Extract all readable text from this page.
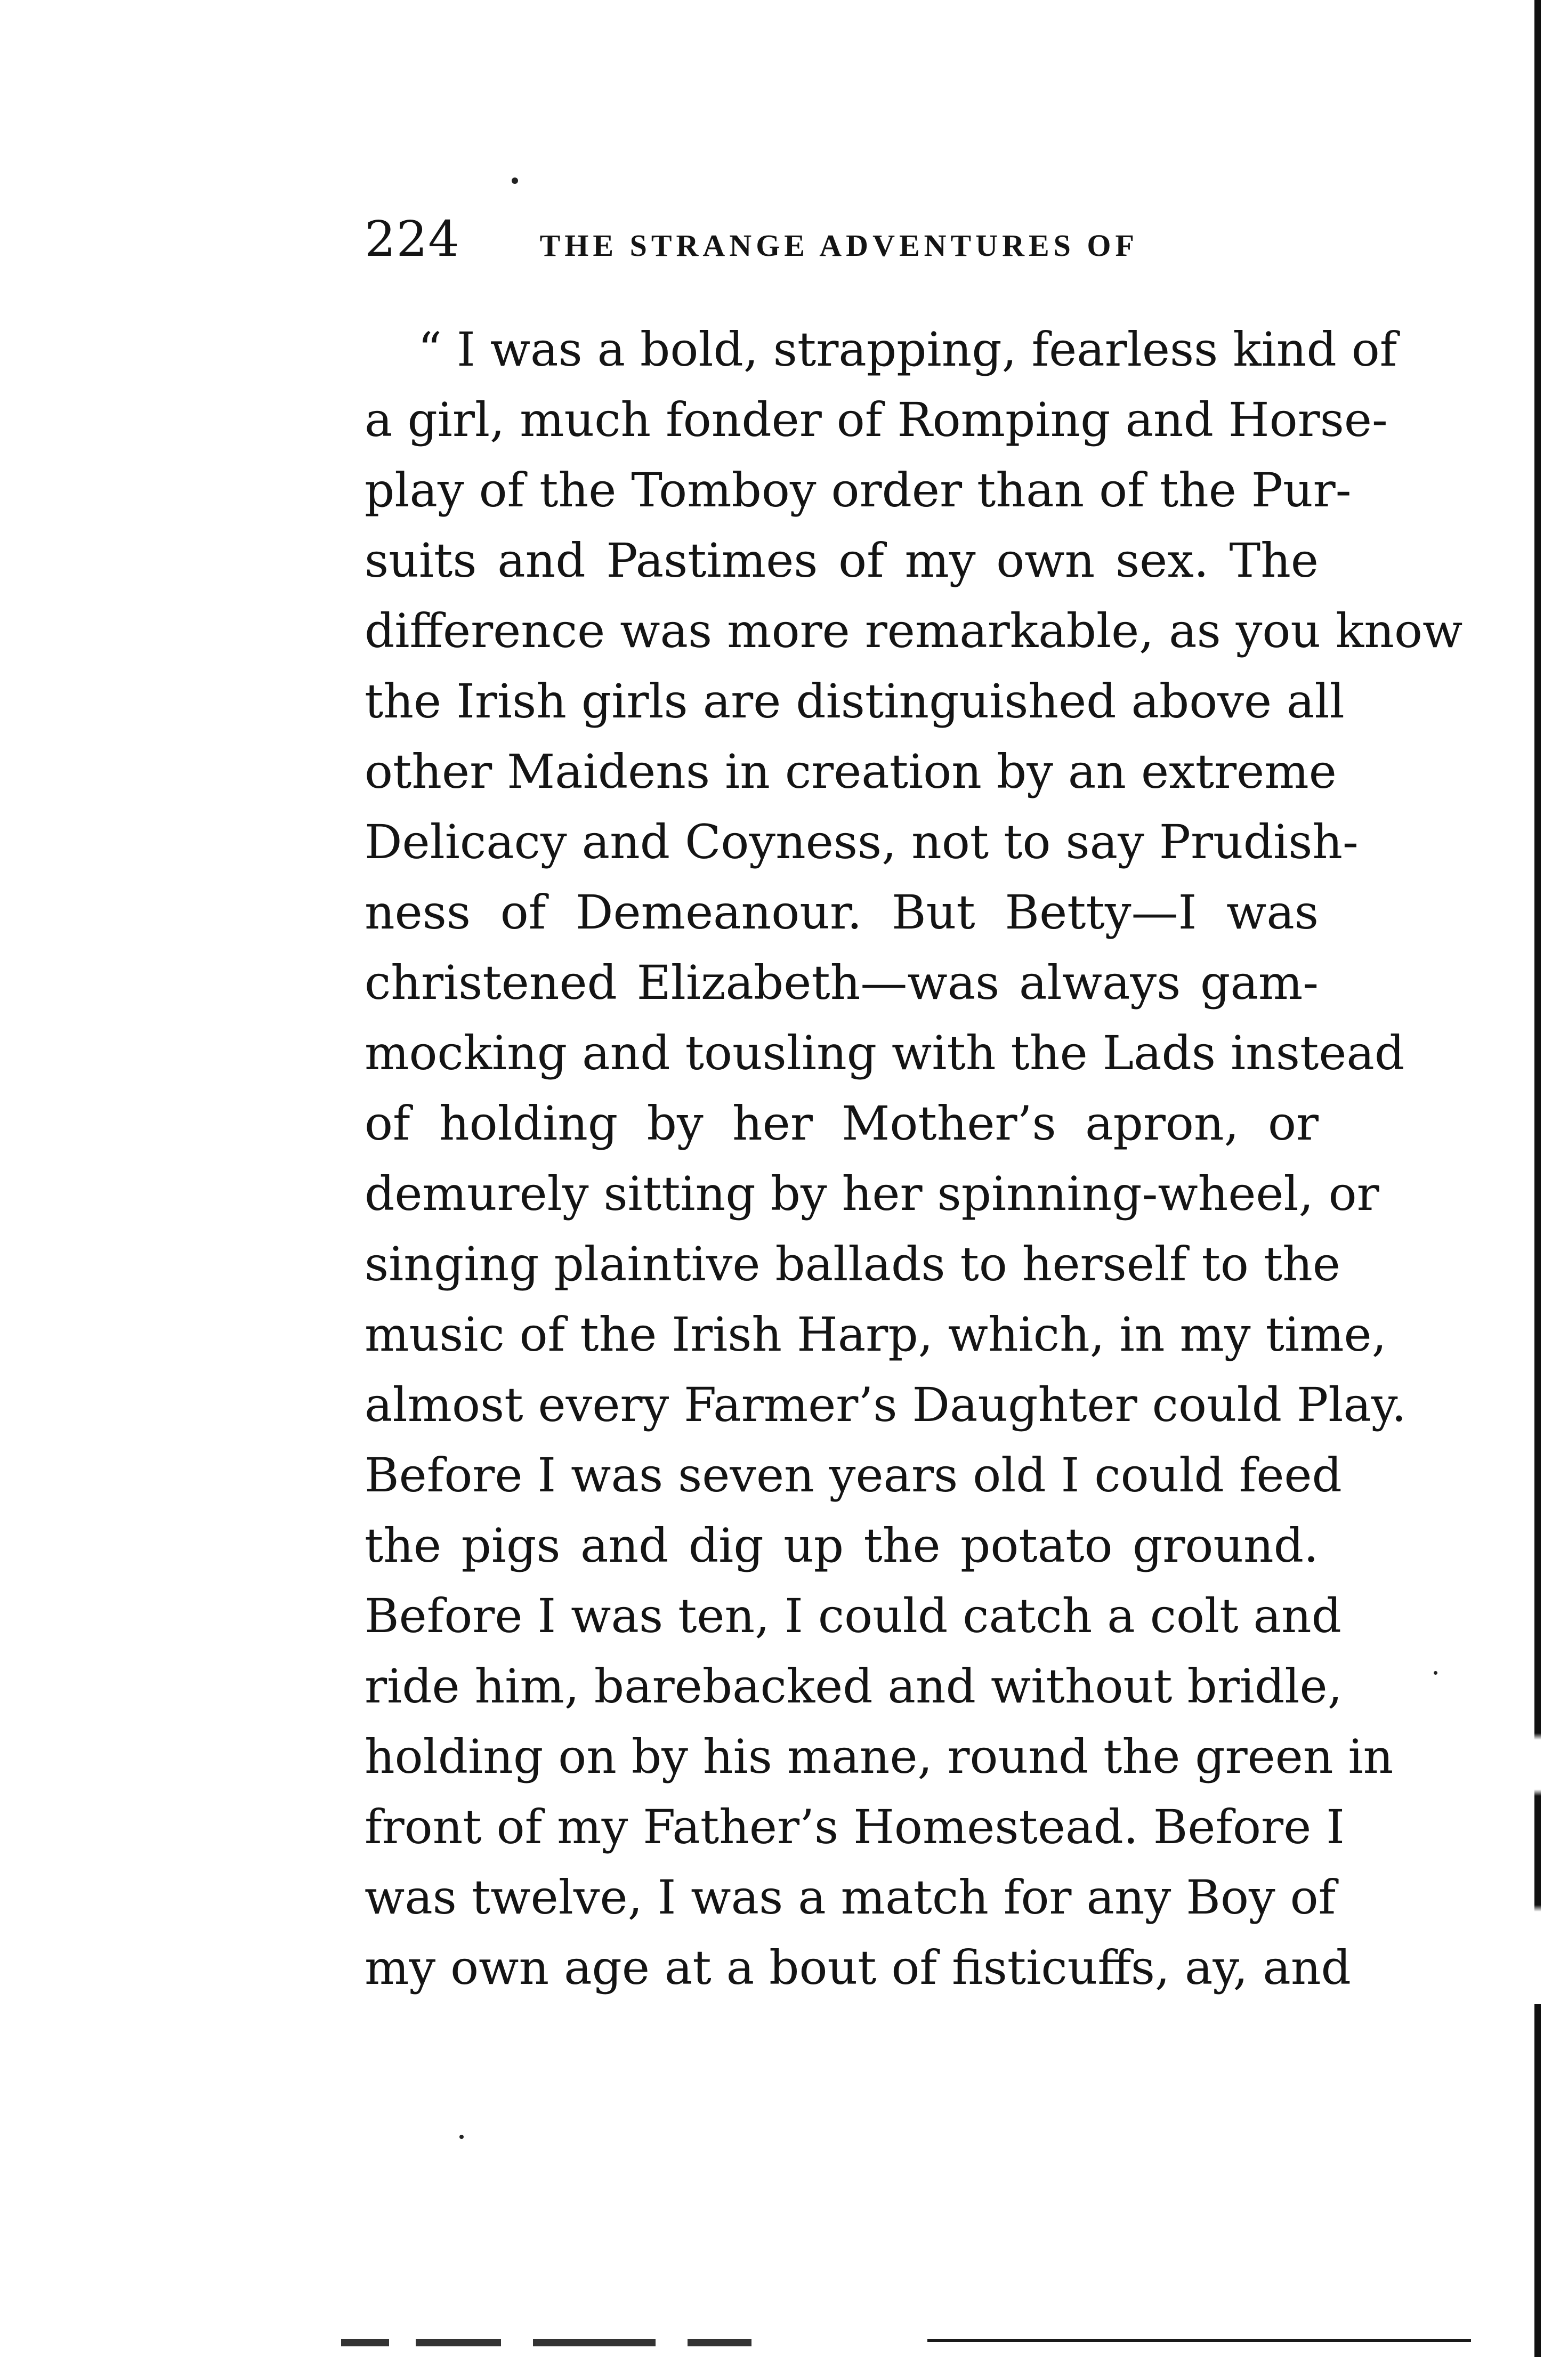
224	THE STRANGE ADVENTURES OF
“ I was a bold, strapping, fearless kind of
a girl, much fonder of Romping and Horse-
play of the Tomboy order than of the Pur-
suits and Pastimes of my own sex. The
difference was more remarkable, as you know
the Irish girls are distinguished above all
other Maidens in creation by an extreme
Delicacy and Coyness, not to say Prudish-
ness of Demeanour. But Betty—I was
christened Elizabeth—was always gam-
mocking and tousling with the Lads instead
of holding by her Mother’s apron, or
demurely sitting by her spinning-wheel, or
singing plaintive ballads to herself to the
music of the Irish Harp, which, in my time,
almost every Farmer’s Daughter could Play.
Before I was seven years old I could feed
the pigs and dig up the potato ground.
Before I was ten, I could catch a colt and
ride him, barebacked and without bridle,
holding on by his mane, round the green in
front of my Father’s Homestead. Before I
was twelve, I was a match for any Boy of
my own age at a bout of fisticuffs, ay, and
